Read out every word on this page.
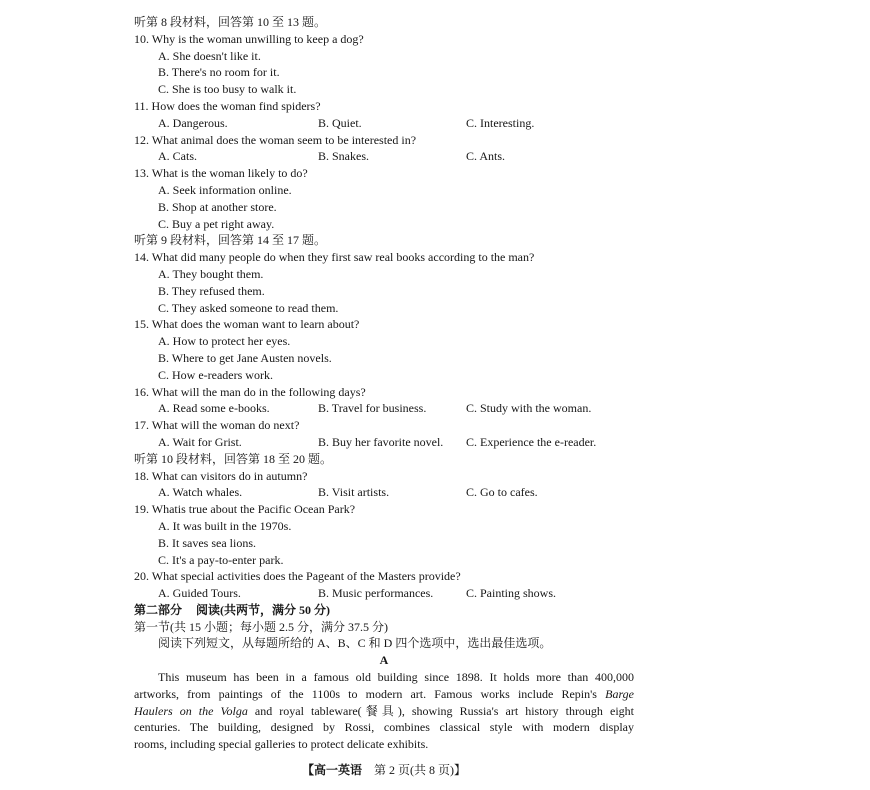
听第 8 段材料，回答第 10 至 13 题。
10. Why is the woman unwilling to keep a dog?
A. She doesn't like it.
B. There's no room for it.
C. She is too busy to walk it.
11. How does the woman find spiders?
A. Dangerous.	B. Quiet.	C. Interesting.
12. What animal does the woman seem to be interested in?
A. Cats.	B. Snakes.	C. Ants.
13. What is the woman likely to do?
A. Seek information online.
B. Shop at another store.
C. Buy a pet right away.
听第 9 段材料，回答第 14 至 17 题。
14. What did many people do when they first saw real books according to the man?
A. They bought them.
B. They refused them.
C. They asked someone to read them.
15. What does the woman want to learn about?
A. How to protect her eyes.
B. Where to get Jane Austen novels.
C. How e-readers work.
16. What will the man do in the following days?
A. Read some e-books.	B. Travel for business.	C. Study with the woman.
17. What will the woman do next?
A. Wait for Grist.	B. Buy her favorite novel.	C. Experience the e-reader.
听第 10 段材料，回答第 18 至 20 题。
18. What can visitors do in autumn?
A. Watch whales.	B. Visit artists.	C. Go to cafes.
19. Whatis true about the Pacific Ocean Park?
A. It was built in the 1970s.
B. It saves sea lions.
C. It's a pay-to-enter park.
20. What special activities does the Pageant of the Masters provide?
A. Guided Tours.	B. Music performances.	C. Painting shows.
第二部分 阅读(共两节，满分 50 分)
第一节(共 15 小题；每小题 2.5 分，满分 37.5 分)
阅读下列短文，从每题所给的 A、B、C 和 D 四个选项中，选出最佳选项。
A
This museum has been in a famous old building since 1898. It holds more than 400,000
artworks, from paintings of the 1100s to modern art. Famous works include Repin's Barge
Haulers on the Volga and royal tableware(餐具), showing Russia's art history through eight
centuries. The building, designed by Rossi, combines classical style with modern display
rooms, including special galleries to protect delicate exhibits.
【高一英语 第 2 页(共 8 页)】
